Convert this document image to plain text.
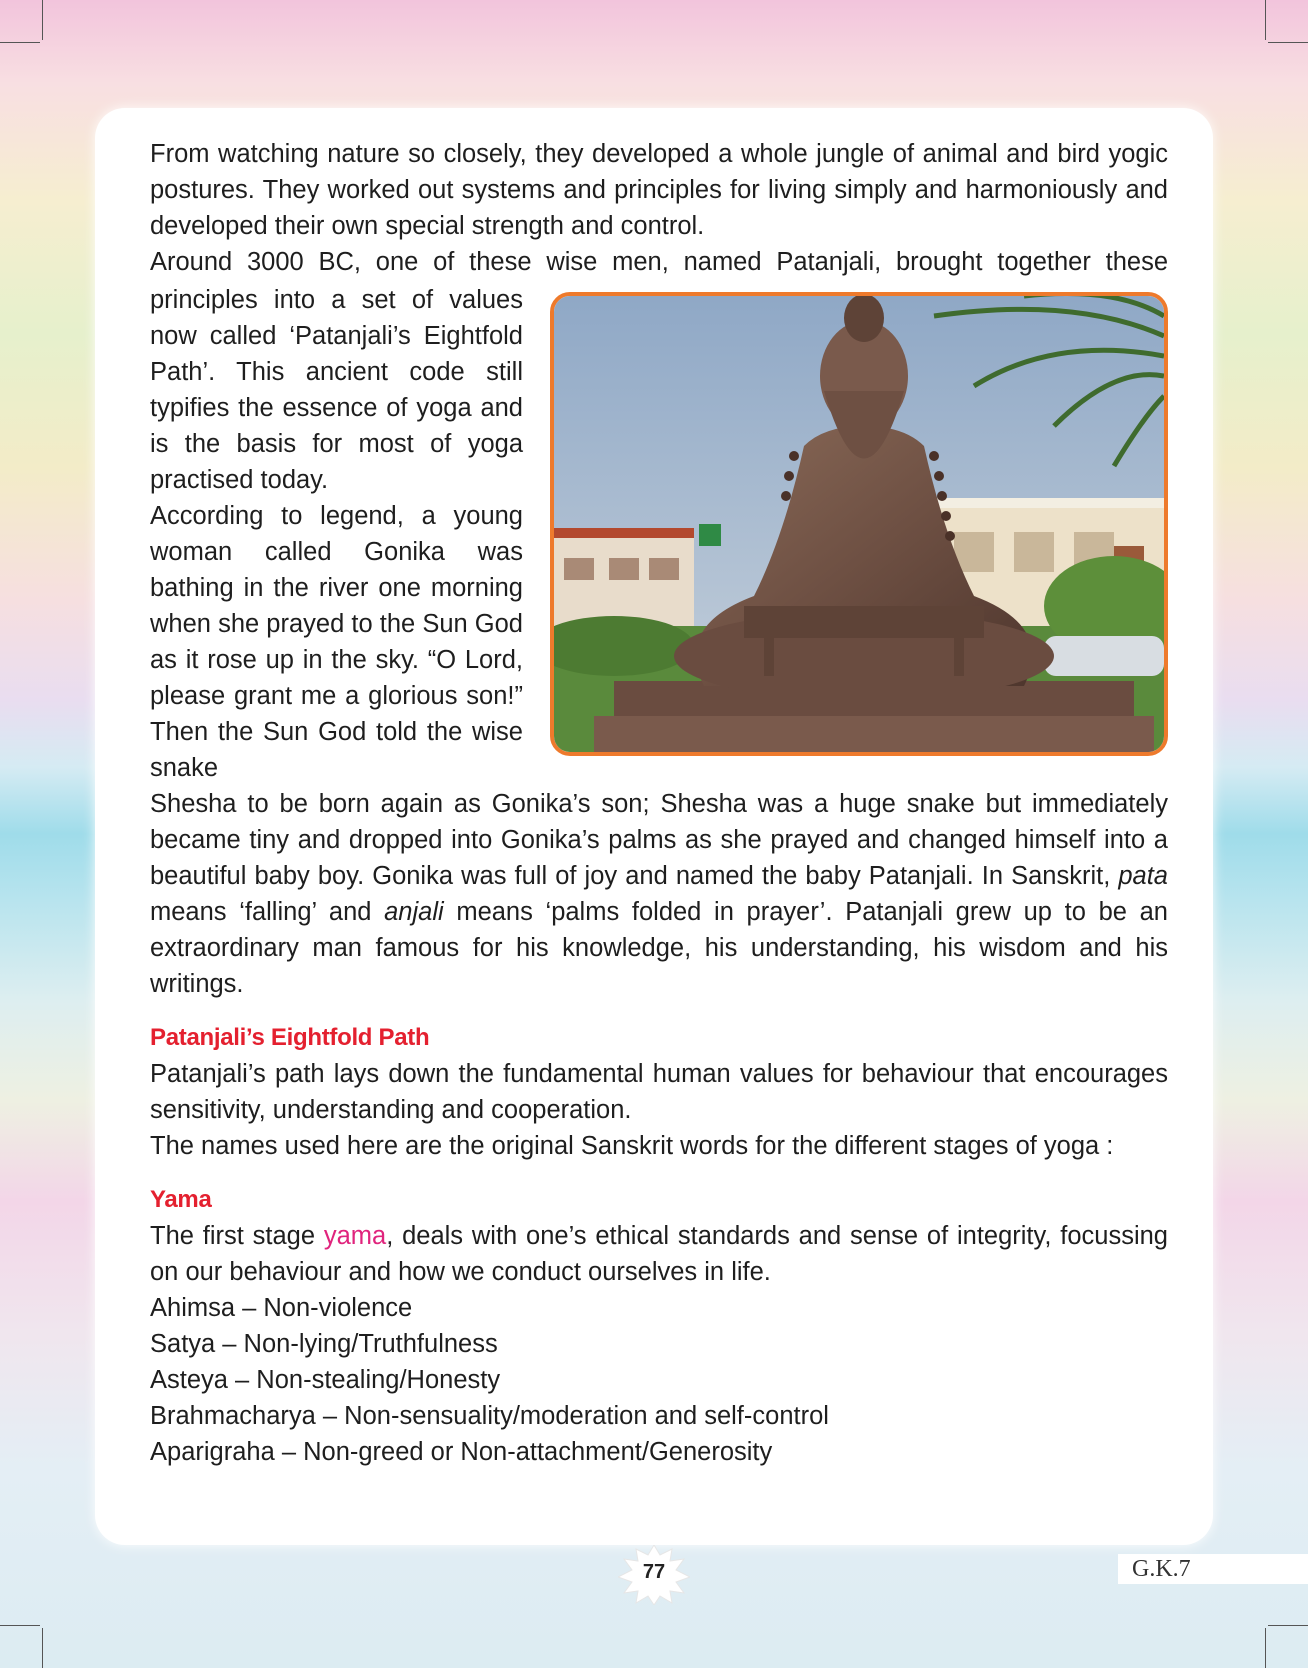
From watching nature so closely, they developed a whole jungle of animal and bird yogic postures. They worked out systems and principles for living simply and harmoniously and developed their own special strength and control.

Around 3000 BC, one of these wise men, named Patanjali, brought together these

principles into a set of values now called ‘Patanjali’s Eightfold Path’. This ancient code still typifies the essence of yoga and is the basis for most of yoga practised today.

According to legend, a young woman called Gonika was bathing in the river one morning when she prayed to the Sun God as it rose up in the sky. “O Lord, please grant me a glorious son!” Then the Sun God told the wise snake

Shesha to be born again as Gonika’s son; Shesha was a huge snake but immediately became tiny and dropped into Gonika’s palms as she prayed and changed himself into a beautiful baby boy. Gonika was full of joy and named the baby Patanjali. In Sanskrit, pata means ‘falling’ and anjali means ‘palms folded in prayer’. Patanjali grew up to be an extraordinary man famous for his knowledge, his understanding, his wisdom and his writings.

Patanjali’s Eightfold Path

Patanjali’s path lays down the fundamental human values for behaviour that encourages sensitivity, understanding and cooperation.

The names used here are the original Sanskrit words for the different stages of yoga :

Yama

The first stage yama, deals with one’s ethical standards and sense of integrity, focussing on our behaviour and how we conduct ourselves in life.

Ahimsa – Non-violence

Satya – Non-lying/Truthfulness

Asteya – Non-stealing/Honesty

Brahmacharya – Non-sensuality/moderation and self-control

Aparigraha – Non-greed or Non-attachment/Generosity

77	G.K.7
